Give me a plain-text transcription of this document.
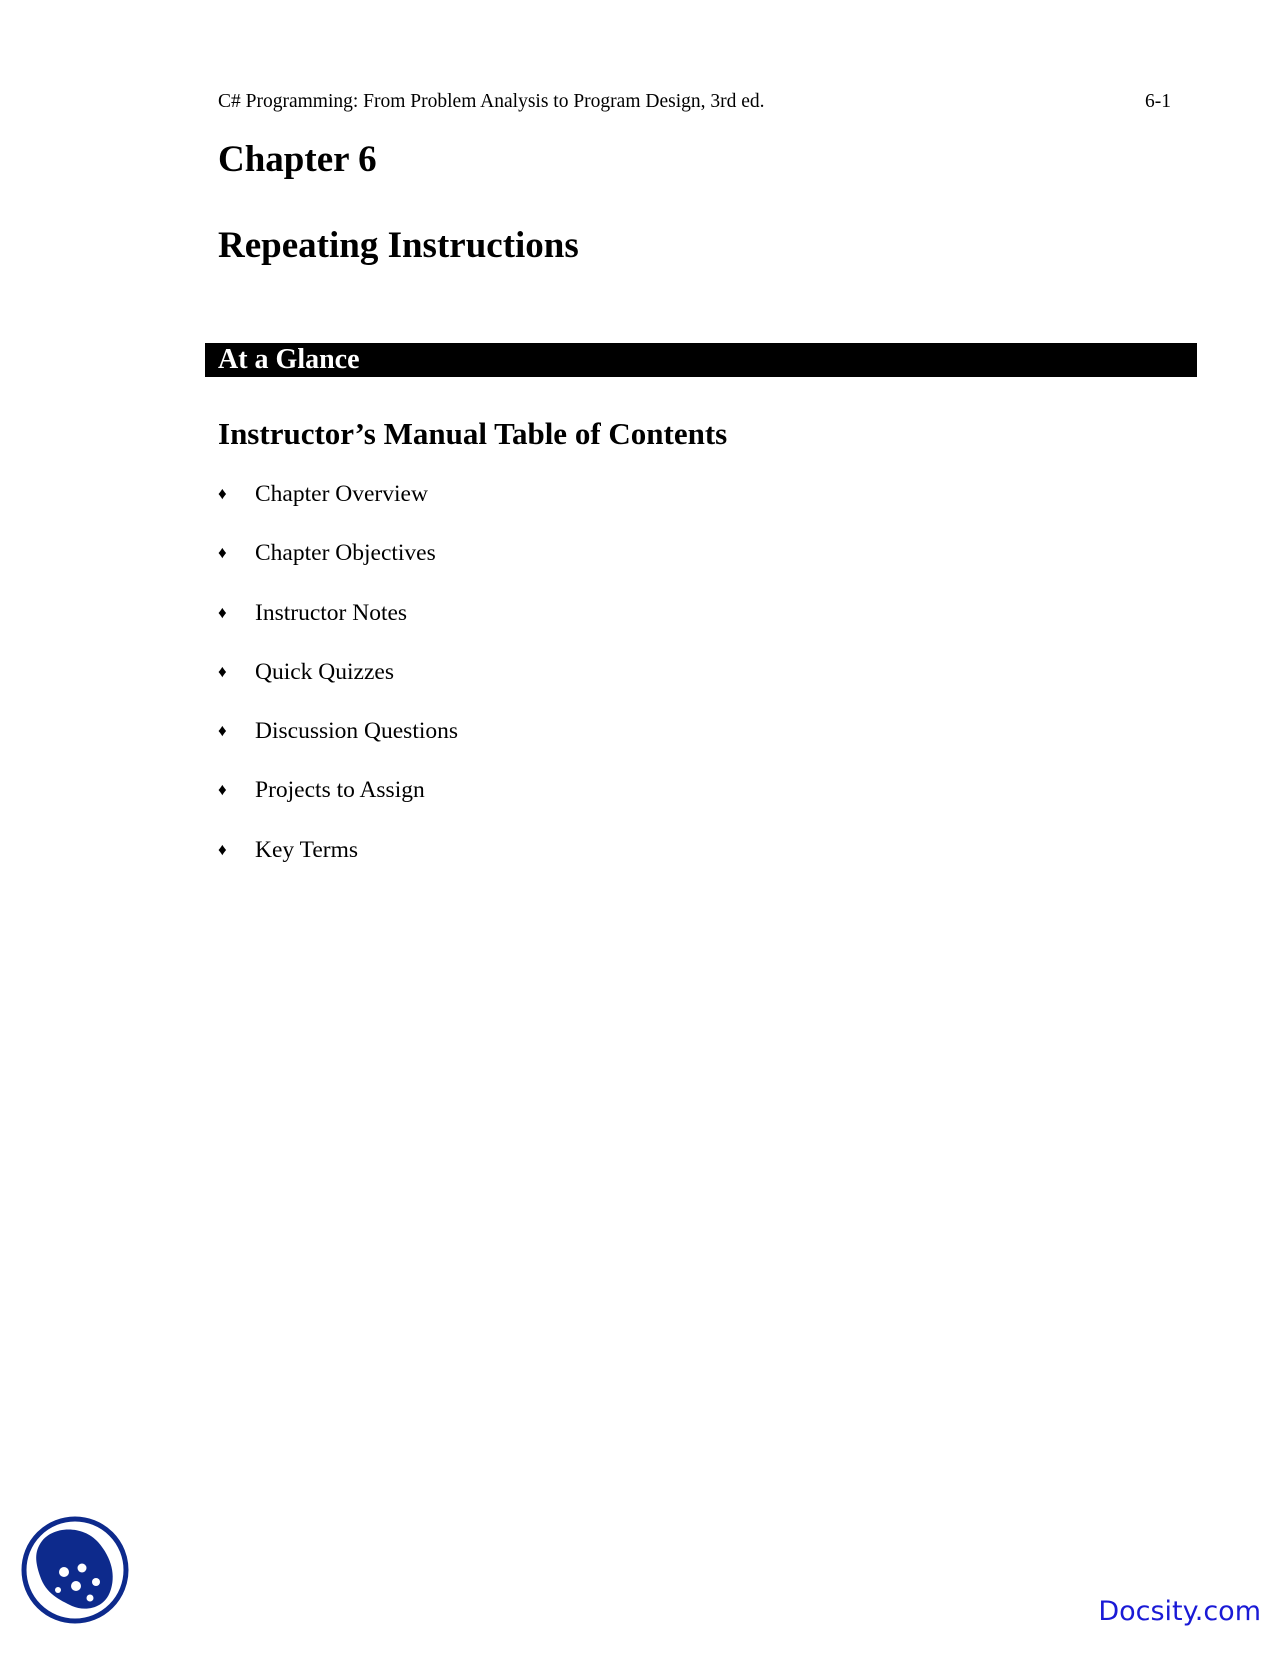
C# Programming: From Problem Analysis to Program Design, 3rd ed.	6-1
Chapter 6
Repeating Instructions
At a Glance
Instructor’s Manual Table of Contents
♦	Chapter Overview
♦	Chapter Objectives
♦	Instructor Notes
♦	Quick Quizzes
♦	Discussion Questions
♦	Projects to Assign
♦	Key Terms
Docsity.com
